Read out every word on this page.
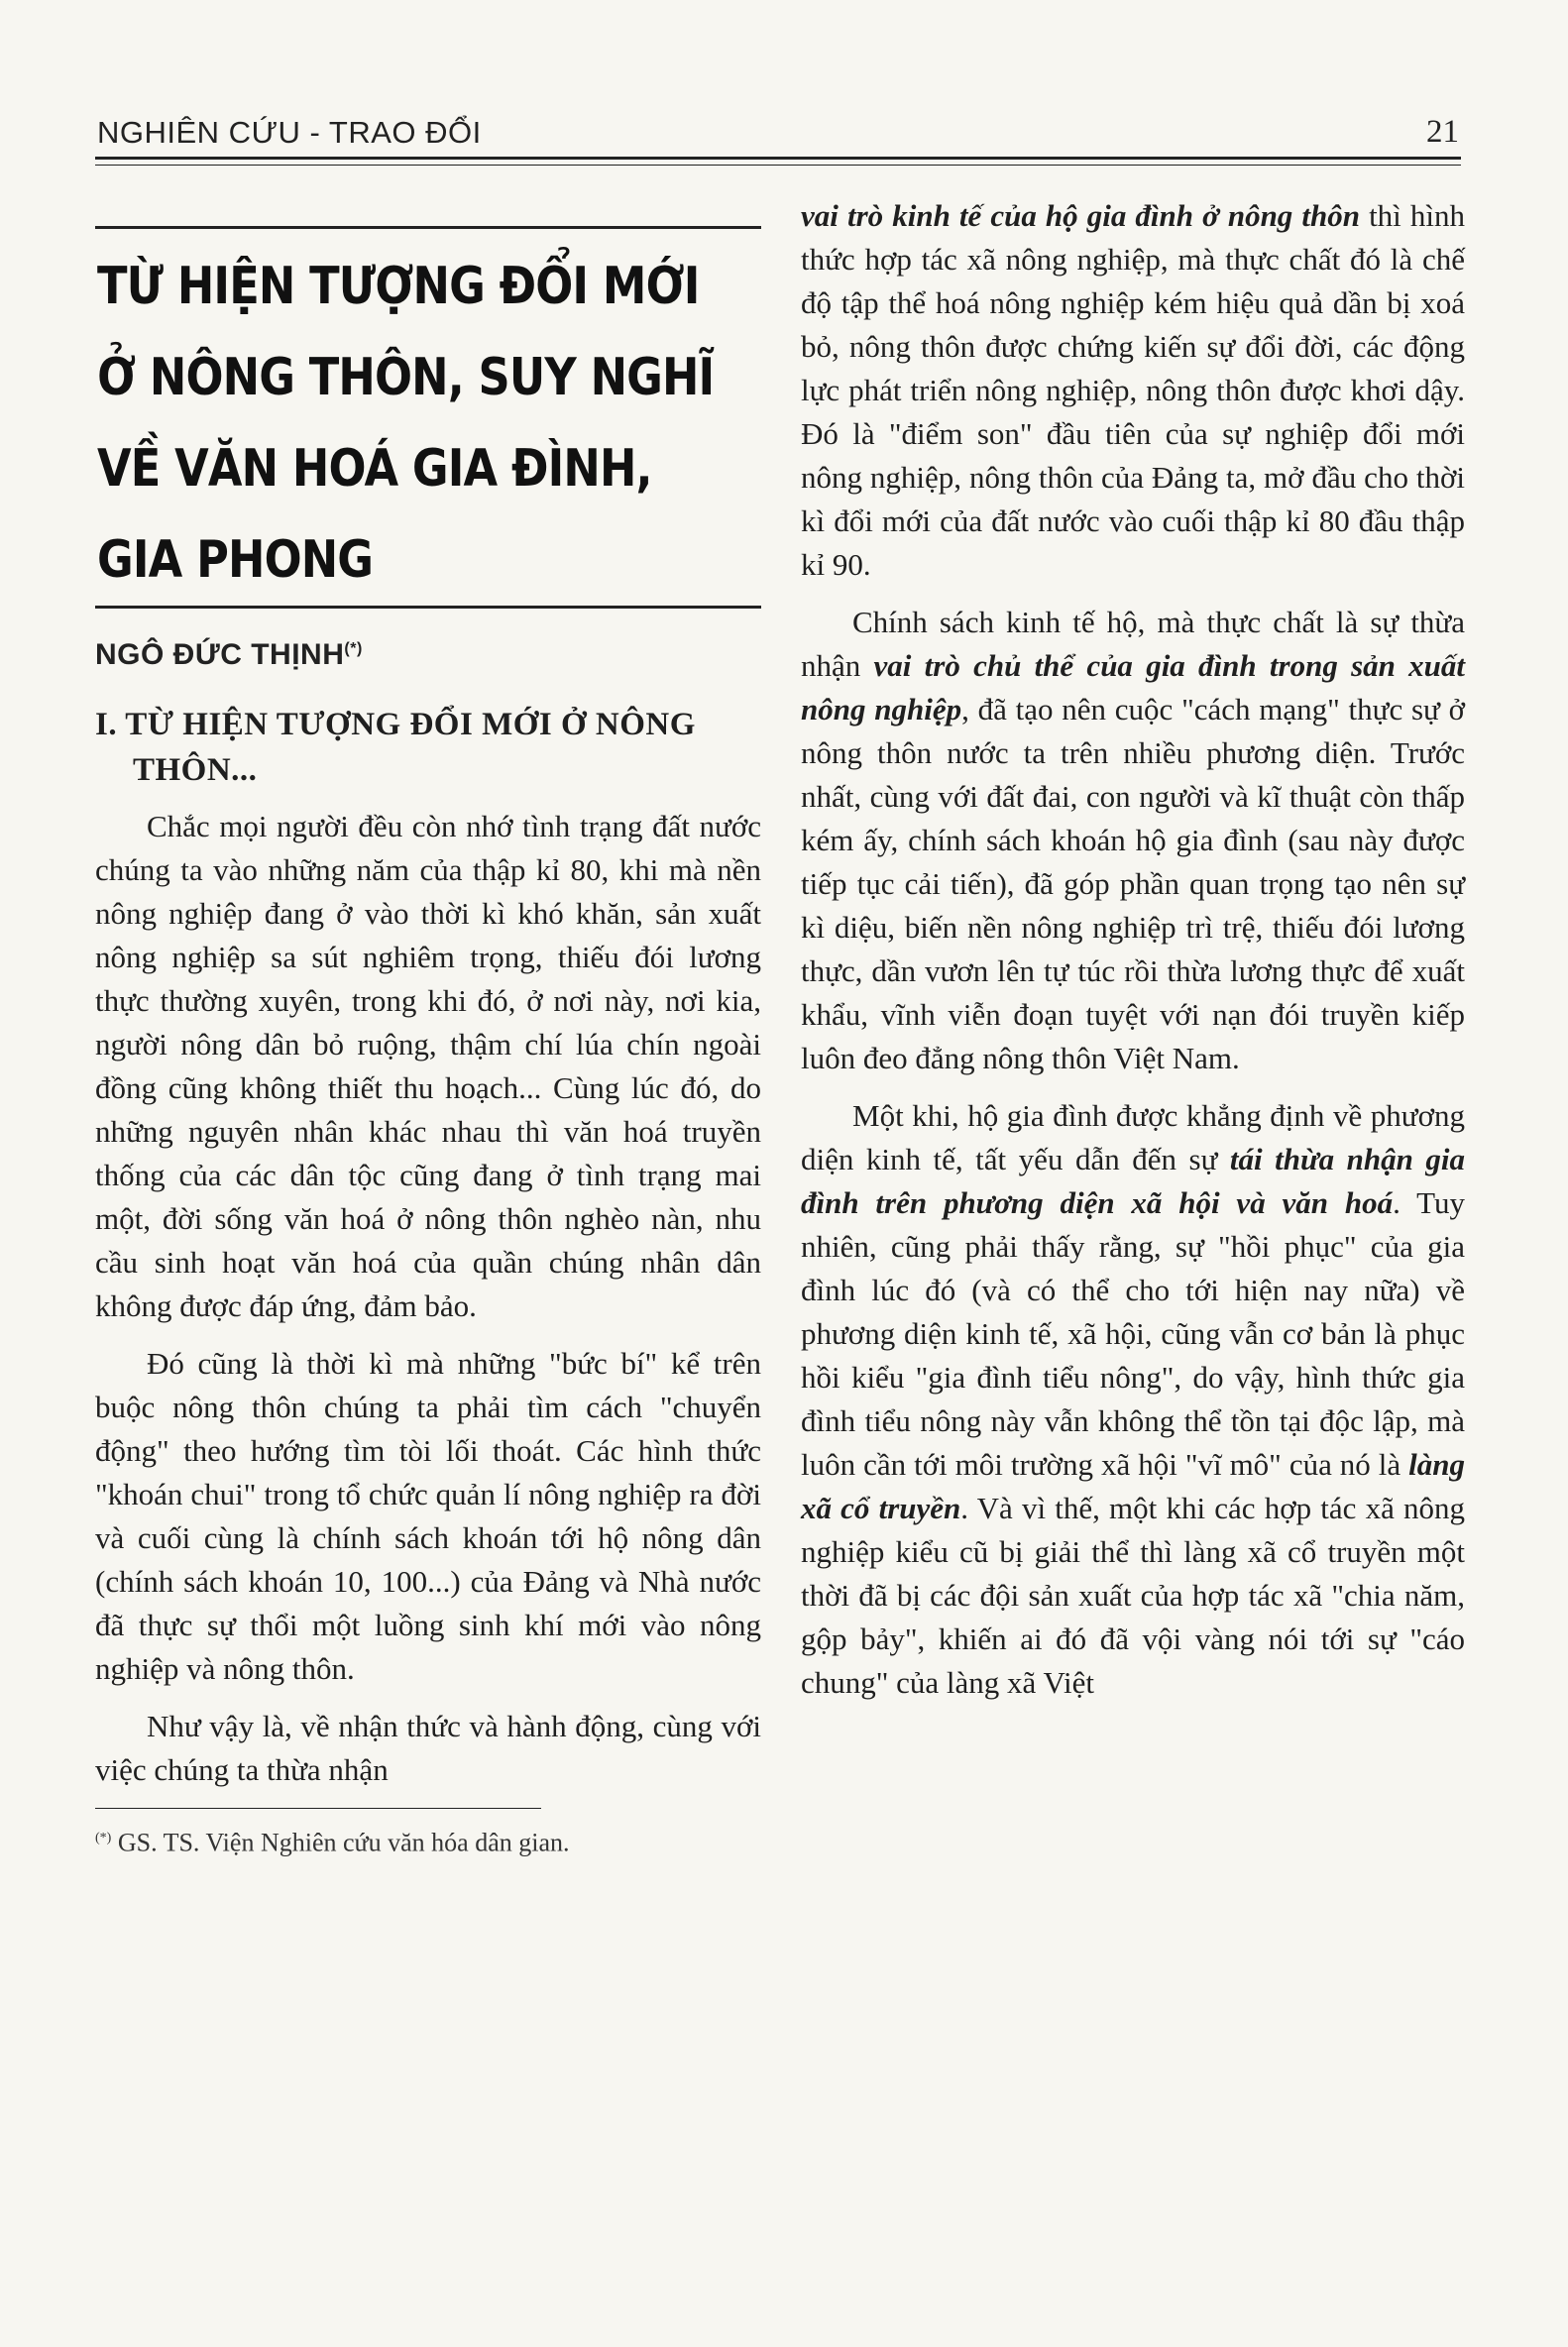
NGHIÊN CỨU - TRAO ĐỔI	21
TỪ HIỆN TƯỢNG ĐỔI MỚI
Ở NÔNG THÔN, SUY NGHĨ
VỀ VĂN HOÁ GIA ĐÌNH,
GIA PHONG
NGÔ ĐỨC THỊNH(*)
I. TỪ HIỆN TƯỢNG ĐỔI MỚI Ở NÔNG THÔN...

Chắc mọi người đều còn nhớ tình trạng đất nước chúng ta vào những năm của thập kỉ 80, khi mà nền nông nghiệp đang ở vào thời kì khó khăn, sản xuất nông nghiệp sa sút nghiêm trọng, thiếu đói lương thực thường xuyên, trong khi đó, ở nơi này, nơi kia, người nông dân bỏ ruộng, thậm chí lúa chín ngoài đồng cũng không thiết thu hoạch... Cùng lúc đó, do những nguyên nhân khác nhau thì văn hoá truyền thống của các dân tộc cũng đang ở tình trạng mai một, đời sống văn hoá ở nông thôn nghèo nàn, nhu cầu sinh hoạt văn hoá của quần chúng nhân dân không được đáp ứng, đảm bảo.

Đó cũng là thời kì mà những "bức bí" kể trên buộc nông thôn chúng ta phải tìm cách "chuyển động" theo hướng tìm tòi lối thoát. Các hình thức "khoán chui" trong tổ chức quản lí nông nghiệp ra đời và cuối cùng là chính sách khoán tới hộ nông dân (chính sách khoán 10, 100...) của Đảng và Nhà nước đã thực sự thổi một luồng sinh khí mới vào nông nghiệp và nông thôn.

Như vậy là, về nhận thức và hành động, cùng với việc chúng ta thừa nhận

(*) GS. TS. Viện Nghiên cứu văn hóa dân gian.

vai trò kinh tế của hộ gia đình ở nông thôn thì hình thức hợp tác xã nông nghiệp, mà thực chất đó là chế độ tập thể hoá nông nghiệp kém hiệu quả dần bị xoá bỏ, nông thôn được chứng kiến sự đổi đời, các động lực phát triển nông nghiệp, nông thôn được khơi dậy. Đó là "điểm son" đầu tiên của sự nghiệp đổi mới nông nghiệp, nông thôn của Đảng ta, mở đầu cho thời kì đổi mới của đất nước vào cuối thập kỉ 80 đầu thập kỉ 90.

Chính sách kinh tế hộ, mà thực chất là sự thừa nhận vai trò chủ thể của gia đình trong sản xuất nông nghiệp, đã tạo nên cuộc "cách mạng" thực sự ở nông thôn nước ta trên nhiều phương diện. Trước nhất, cùng với đất đai, con người và kĩ thuật còn thấp kém ấy, chính sách khoán hộ gia đình (sau này được tiếp tục cải tiến), đã góp phần quan trọng tạo nên sự kì diệu, biến nền nông nghiệp trì trệ, thiếu đói lương thực, dần vươn lên tự túc rồi thừa lương thực để xuất khẩu, vĩnh viễn đoạn tuyệt với nạn đói truyền kiếp luôn đeo đẳng nông thôn Việt Nam.

Một khi, hộ gia đình được khẳng định về phương diện kinh tế, tất yếu dẫn đến sự tái thừa nhận gia đình trên phương diện xã hội và văn hoá. Tuy nhiên, cũng phải thấy rằng, sự "hồi phục" của gia đình lúc đó (và có thể cho tới hiện nay nữa) về phương diện kinh tế, xã hội, cũng vẫn cơ bản là phục hồi kiểu "gia đình tiểu nông", do vậy, hình thức gia đình tiểu nông này vẫn không thể tồn tại độc lập, mà luôn cần tới môi trường xã hội "vĩ mô" của nó là làng xã cổ truyền. Và vì thế, một khi các hợp tác xã nông nghiệp kiểu cũ bị giải thể thì làng xã cổ truyền một thời đã bị các đội sản xuất của hợp tác xã "chia năm, gộp bảy", khiến ai đó đã vội vàng nói tới sự "cáo chung" của làng xã Việt
